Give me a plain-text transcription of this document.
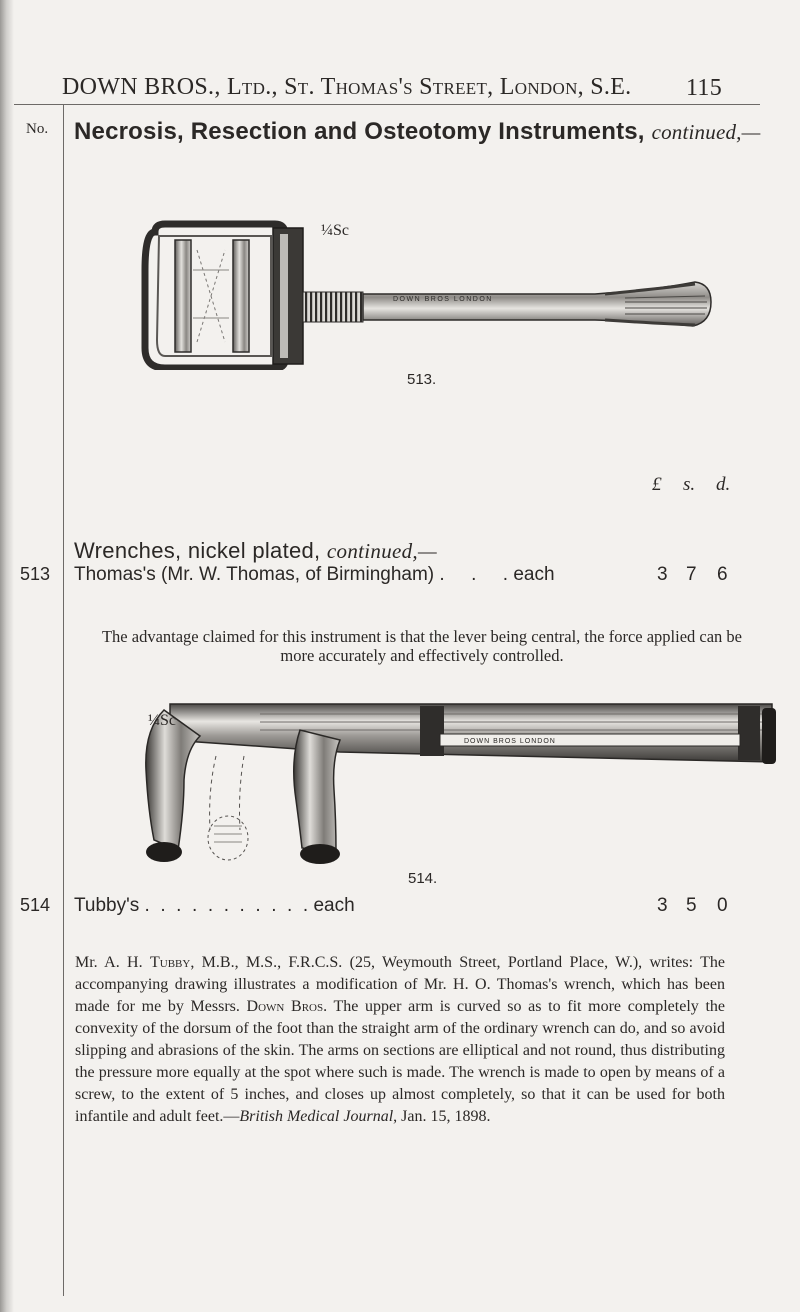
DOWN BROS., Ltd., St. Thomas's Street, London, S.E. 115
No. Necrosis, Resection and Osteotomy Instruments, continued,—
DOWN BROS LONDON
¼Sc
513.
£ s. d.
Wrenches, nickel plated, continued,—
513 Thomas's (Mr. W. Thomas, of Birmingham) .     .     . each	3 7 6
The advantage claimed for this instrument is that the lever being central, the force applied can be more accurately and effectively controlled.
DOWN BROS LONDON
¼Sc
514.
514 Tubby's .  .  .  .  .  .  .  .  .  .  . each	3 5 0
Mr. A. H. Tubby, M.B., M.S., F.R.C.S. (25, Weymouth Street, Portland Place, W.), writes: The accompanying drawing illustrates a modification of Mr. H. O. Thomas's wrench, which has been made for me by Messrs. Down Bros. The upper arm is curved so as to fit more completely the convexity of the dorsum of the foot than the straight arm of the ordinary wrench can do, and so avoid slipping and abrasions of the skin. The arms on sections are elliptical and not round, thus distributing the pressure more equally at the spot where such is made. The wrench is made to open by means of a screw, to the extent of 5 inches, and closes up almost completely, so that it can be used for both infantile and adult feet.—British Medical Journal, Jan. 15, 1898.
